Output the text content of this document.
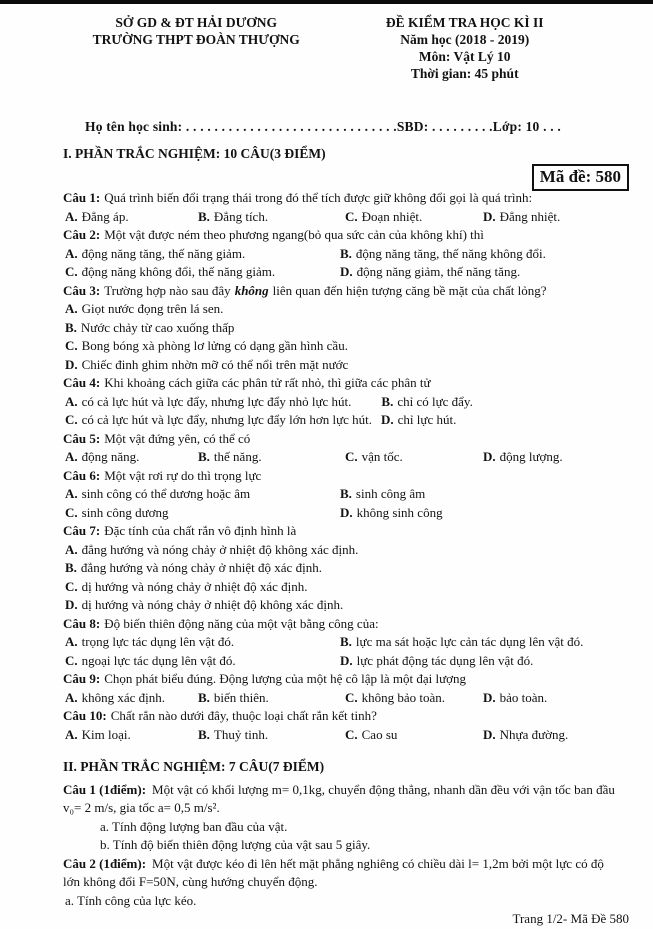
Mã đề: 580
SỞ GD & ĐT HẢI DƯƠNG
TRƯỜNG THPT ĐOÀN THƯỢNG
ĐỀ KIỂM TRA HỌC KÌ II
Năm học (2018 - 2019)
Môn: Vật Lý 10
Thời gian: 45 phút
Họ tên học sinh: . . . . . . . . . . . . . . . . . . . . . . . . . . . . . .SBD: . . . . . . . . .Lớp: 10 . . .
I. PHẦN TRẮC NGHIỆM: 10 CÂU(3 ĐIỂM)
Câu 1: Quá trình biến đổi trạng thái trong đó thể tích được giữ không đổi gọi là quá trình:
A. Đẳng áp.	B. Đẳng tích.	C. Đoạn nhiệt.	D. Đẳng nhiệt.
Câu 2: Một vật được ném theo phương ngang(bỏ qua sức cản của không khí) thì
A. động năng tăng, thế năng giảm.	B. động năng tăng, thế năng không đổi.
C. động năng không đổi, thế năng giảm.	D. động năng giảm, thế năng tăng.
Câu 3: Trường hợp nào sau đây không liên quan đến hiện tượng căng bề mặt của chất lỏng?
A. Giọt nước đọng trên lá sen.
B. Nước chảy từ cao xuống thấp
C. Bong bóng xà phòng lơ lửng có dạng gần hình cầu.
D. Chiếc đinh ghim nhờn mỡ có thể nổi trên mặt nước
Câu 4: Khi khoảng cách giữa các phân tử rất nhỏ, thì giữa các phân tử
A. có cả lực hút và lực đẩy, nhưng lực đẩy nhỏ lực hút. B. chỉ có lực đẩy.
C. có cả lực hút và lực đẩy, nhưng lực đẩy lớn hơn lực hút. D. chỉ lực hút.
Câu 5: Một vật đứng yên, có thể có
A. động năng.	B. thế năng.	C. vận tốc.	D. động lượng.
Câu 6: Một vật rơi rự do thì trọng lực
A. sinh công có thể dương hoặc âm	B. sinh công âm
C. sinh công dương	D. không sinh công
Câu 7: Đặc tính của chất rắn vô định hình là
A. đẳng hướng và nóng chảy ở nhiệt độ không xác định.
B. đẳng hướng và nóng chảy ở nhiệt độ xác định.
C. dị hướng và nóng chảy ở nhiệt độ xác định.
D. dị hướng và nóng chảy ở nhiệt độ không xác định.
Câu 8: Độ biến thiên động năng của một vật bằng công của:
A. trọng lực tác dụng lên vật đó.	B. lực ma sát hoặc lực cản tác dụng lên vật đó.
C. ngoại lực tác dụng lên vật đó.	D. lực phát động tác dụng lên vật đó.
Câu 9: Chọn phát biểu đúng. Động lượng của một hệ cô lập là một đại lượng
A. không xác định.	B. biến thiên.	C. không bảo toàn.	D. bảo toàn.
Câu 10: Chất rắn nào dưới đây, thuộc loại chất rắn kết tinh?
A. Kim loại.	B. Thuỷ tinh.	C. Cao su	D. Nhựa đường.
II. PHẦN TRẮC NGHIỆM: 7 CÂU(7 ĐIỂM)
Câu 1 (1điểm): Một vật có khối lượng m= 0,1kg, chuyển động thẳng, nhanh dần đều với vận tốc ban đầu
v₀= 2 m/s, gia tốc a= 0,5 m/s².
a. Tính động lượng ban đầu của vật.
b. Tính độ biến thiên động lượng của vật sau 5 giây.
Câu 2 (1điểm): Một vật được kéo đi lên hết mặt phẳng nghiêng có chiều dài l= 1,2m bởi một lực có độ
lớn không đổi F=50N, cùng hướng chuyển động.
a. Tính công của lực kéo.
Trang 1/2- Mã Đề 580
